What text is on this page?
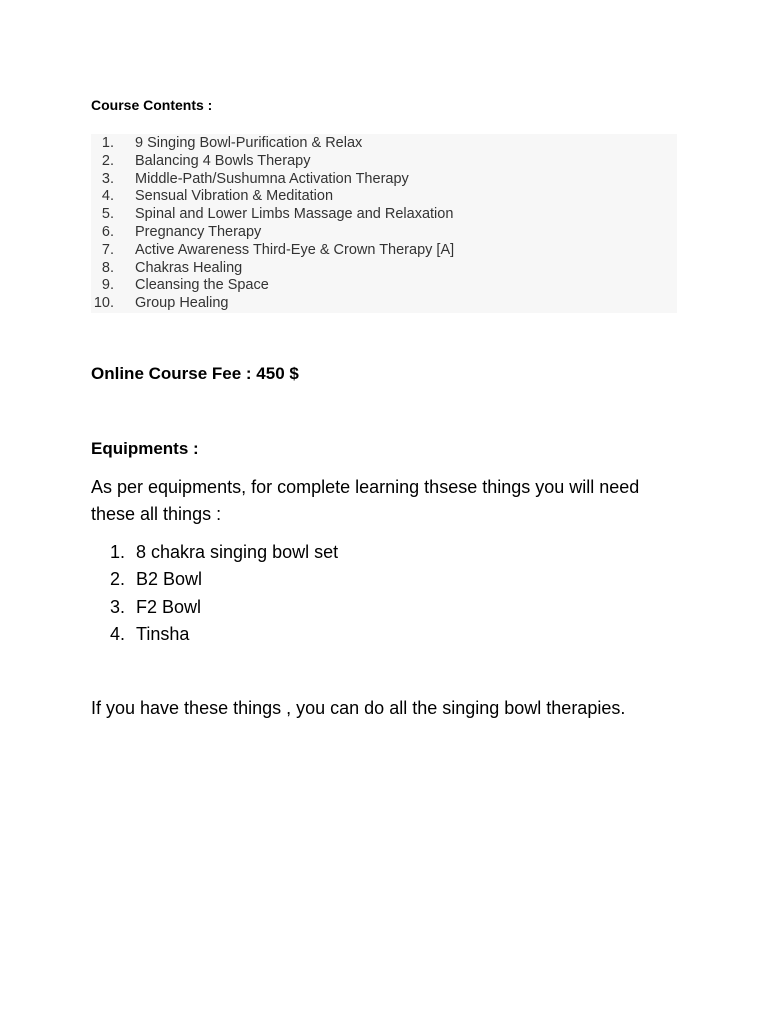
Course Contents :
1. 9 Singing Bowl-Purification & Relax
2. Balancing 4 Bowls Therapy
3. Middle-Path/Sushumna Activation Therapy
4. Sensual Vibration & Meditation
5. Spinal and Lower Limbs Massage and Relaxation
6. Pregnancy Therapy
7. Active Awareness Third-Eye & Crown Therapy [A]
8. Chakras Healing
9. Cleansing the Space
10. Group Healing
Online Course Fee : 450 $
Equipments :
As per equipments, for complete learning thsese things you will need these all things :
1. 8 chakra singing bowl set
2. B2 Bowl
3. F2 Bowl
4. Tinsha
If you have these things , you can do all the singing bowl therapies.
